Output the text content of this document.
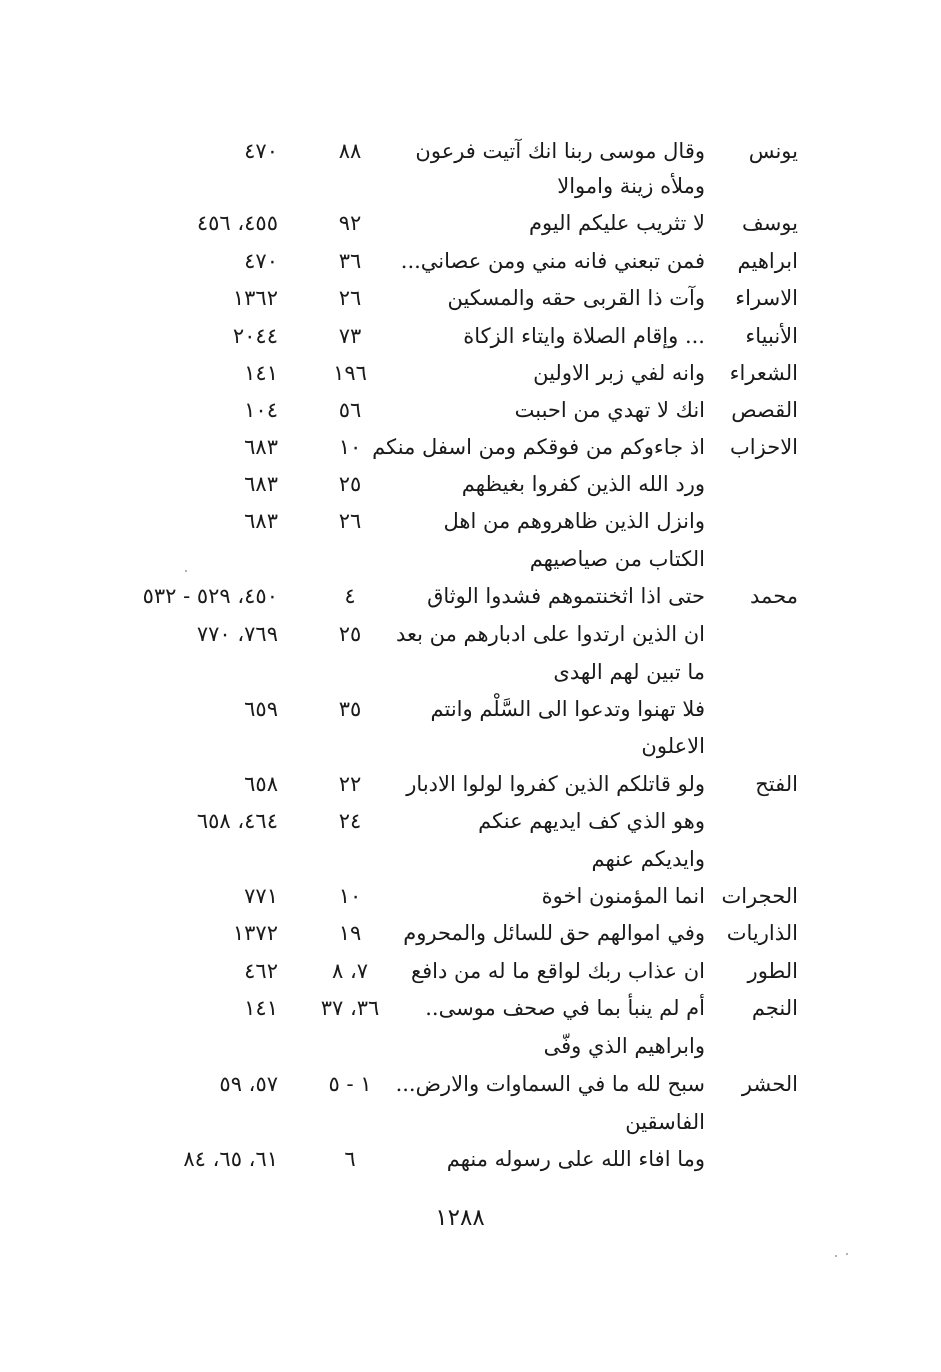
يونس
وقال موسى ربنا انك آتيت فرعون
٨٨
٤٧٠
وملأه زينة واموالا
يوسف
لا تثريب عليكم اليوم
٩٢
٤٥٥، ٤٥٦
ابراهيم
فمن تبعني فانه مني ومن عصاني...
٣٦
٤٧٠
الاسراء
وآت ذا القربى حقه والمسكين
٢٦
١٣٦٢
الأنبياء
... وإقام الصلاة وايتاء الزكاة
٧٣
٢٠٤٤
الشعراء
وانه لفي زبر الاولين
١٩٦
١٤١
القصص
انك لا تهدي من احببت
٥٦
١٠٤
الاحزاب
اذ جاءوكم من فوقكم ومن اسفل منكم
١٠
٦٨٣
ورد الله الذين كفروا بغيظهم
٢٥
٦٨٣
وانزل الذين ظاهروهم من اهل
٢٦
٦٨٣
الكتاب من صياصيهم
محمد
حتى اذا اثخنتموهم فشدوا الوثاق
٤
٤٥٠، ٥٢٩ - ٥٣٢
ان الذين ارتدوا على ادبارهم من بعد
٢٥
٧٦٩، ٧٧٠
ما تبين لهم الهدى
فلا تهنوا وتدعوا الى السَّلْم وانتم
٣٥
٦٥٩
الاعلون
الفتح
ولو قاتلكم الذين كفروا لولوا الادبار
٢٢
٦٥٨
وهو الذي كف ايديهم عنكم
٢٤
٤٦٤، ٦٥٨
وايديكم عنهم
الحجرات
انما المؤمنون اخوة
١٠
٧٧١
الذاريات
وفي اموالهم حق للسائل والمحروم
١٩
١٣٧٢
الطور
ان عذاب ربك لواقع ما له من دافع
٧، ٨
٤٦٢
النجم
أم لم ينبأ بما في صحف موسى..
٣٦، ٣٧
١٤١
وابراهيم الذي وفّى
الحشر
سبح لله ما في السماوات والارض...
١ - ٥
٥٧، ٥٩
الفاسقين
وما افاء الله على رسوله منهم
٦
٦١، ٦٥، ٨٤
١٢٨٨
